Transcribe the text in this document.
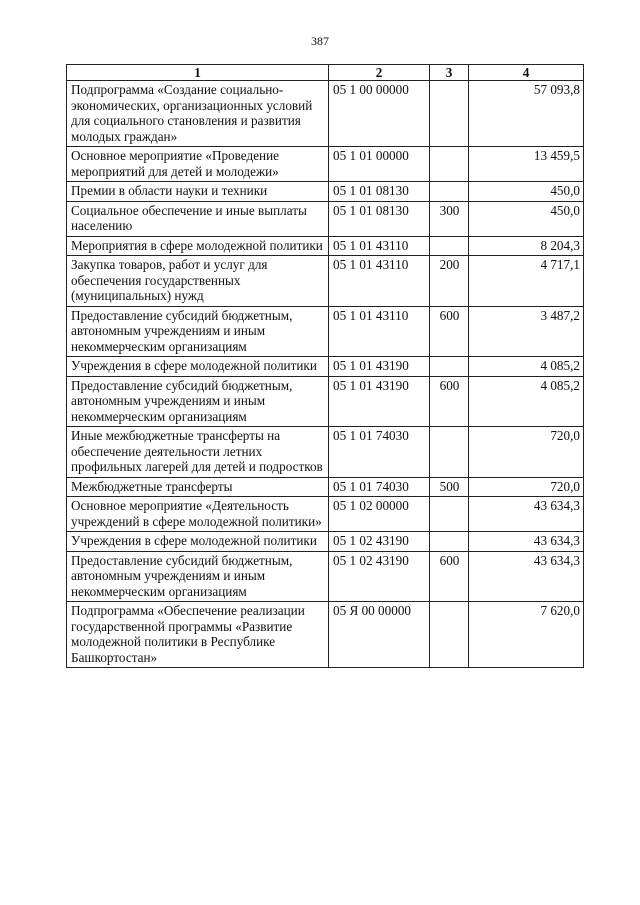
387
1	2	3	4
Подпрограмма «Создание социально-экономических, организационных условий для социального становления и развития молодых граждан»	05 1 00 00000		57 093,8
Основное мероприятие «Проведение мероприятий для детей и молодежи»	05 1 01 00000		13 459,5
Премии в области науки и техники	05 1 01 08130		450,0
Социальное обеспечение и иные выплаты населению	05 1 01 08130	300	450,0
Мероприятия в сфере молодежной политики	05 1 01 43110		8 204,3
Закупка товаров, работ и услуг для обеспечения государственных (муниципальных) нужд	05 1 01 43110	200	4 717,1
Предоставление субсидий бюджетным, автономным учреждениям и иным некоммерческим организациям	05 1 01 43110	600	3 487,2
Учреждения в сфере молодежной политики	05 1 01 43190		4 085,2
Предоставление субсидий бюджетным, автономным учреждениям и иным некоммерческим организациям	05 1 01 43190	600	4 085,2
Иные межбюджетные трансферты на обеспечение деятельности летних профильных лагерей для детей и подростков	05 1 01 74030		720,0
Межбюджетные трансферты	05 1 01 74030	500	720,0
Основное мероприятие «Деятельность учреждений в сфере молодежной политики»	05 1 02 00000		43 634,3
Учреждения в сфере молодежной политики	05 1 02 43190		43 634,3
Предоставление субсидий бюджетным, автономным учреждениям и иным некоммерческим организациям	05 1 02 43190	600	43 634,3
Подпрограмма «Обеспечение реализации государственной программы «Развитие молодежной политики в Республике Башкортостан»	05 Я 00 00000		7 620,0
